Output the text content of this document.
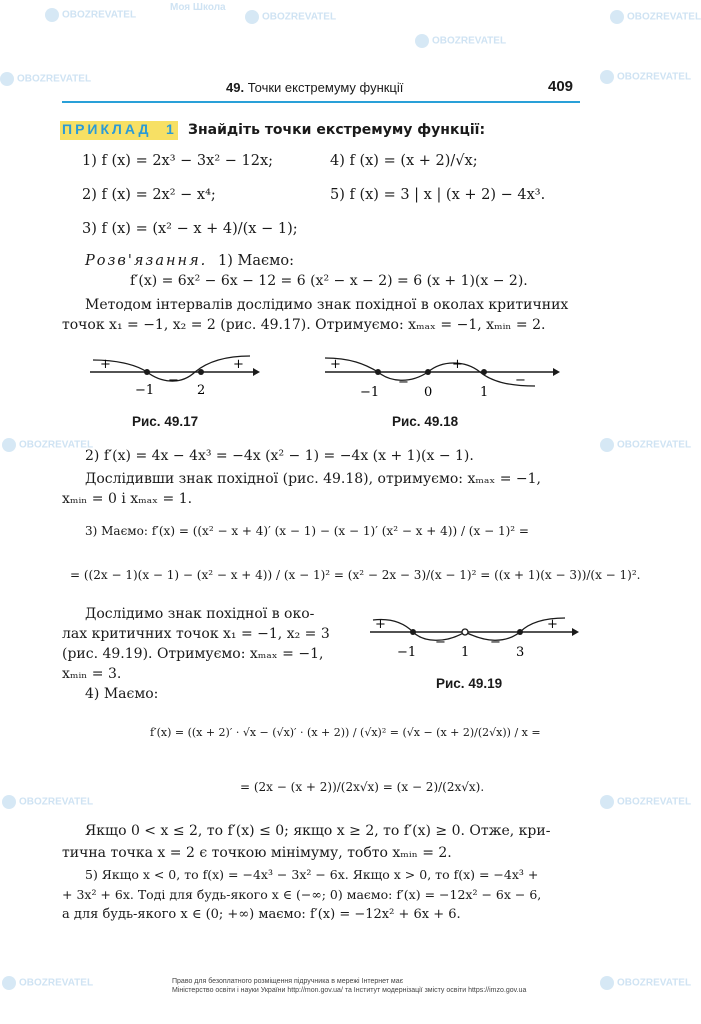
OBOZREVATEL
Моя Школа
OBOZREVATEL
OBOZREVATEL
OBOZREVATEL
OBOZREVATEL	OBOZREVATEL
OBOZREVATEL	OBOZREVATEL
OBOZREVATEL	OBOZREVATEL
OBOZREVATEL	OBOZREVATEL
49. Точки екстремуму функції	409
ПРИКЛАД 1 Знайдіть точки екстремуму функції:
1) f (x) = 2x³ − 3x² − 12x;	4) f (x) = (x + 2)/√x;
2) f (x) = 2x² − x⁴;	5) f (x) = 3 | x | (x + 2) − 4x³.
3) f (x) = (x² − x + 4)/(x − 1);
Розв'язання. 1) Маємо:
f′(x) = 6x² − 6x − 12 = 6 (x² − x − 2) = 6 (x + 1)(x − 2).
Методом інтервалів дослідимо знак похідної в околах критичних
точок x₁ = −1, x₂ = 2 (рис. 49.17). Отримуємо: xₘₐₓ = −1, xₘᵢₙ = 2.
+
−
+
−1	2
Рис. 49.17
+
−
+
−
−1	0	1
Рис. 49.18
2) f′(x) = 4x − 4x³ = −4x (x² − 1) = −4x (x + 1)(x − 1).
Дослідивши знак похідної (рис. 49.18), отримуємо: xₘₐₓ = −1,
xₘᵢₙ = 0 і xₘₐₓ = 1.
3) Маємо: f′(x) = ((x² − x + 4)′ (x − 1) − (x − 1)′ (x² − x + 4)) / (x − 1)² =
= ((2x − 1)(x − 1) − (x² − x + 4)) / (x − 1)² = (x² − 2x − 3)/(x − 1)² = ((x + 1)(x − 3))/(x − 1)².
Дослідимо знак похідної в око-
лах критичних точок x₁ = −1, x₂ = 3
(рис. 49.19). Отримуємо: xₘₐₓ = −1,
xₘᵢₙ = 3.
+
−	−
+
−1	1	3
Рис. 49.19
4) Маємо:
f′(x) = ((x + 2)′ · √x − (√x)′ · (x + 2)) / (√x)² = (√x − (x + 2)/(2√x)) / x =
= (2x − (x + 2))/(2x√x) = (x − 2)/(2x√x).
Якщо 0 < x ≤ 2, то f′(x) ≤ 0; якщо x ≥ 2, то f′(x) ≥ 0. Отже, кри-
тична точка x = 2 є точкою мінімуму, тобто xₘᵢₙ = 2.
5) Якщо x < 0, то f(x) = −4x³ − 3x² − 6x. Якщо x > 0, то f(x) = −4x³ +
+ 3x² + 6x. Тоді для будь-якого x ∈ (−∞; 0) маємо: f′(x) = −12x² − 6x − 6,
а для будь-якого x ∈ (0; +∞) маємо: f′(x) = −12x² + 6x + 6.
Право для безоплатного розміщення підручника в мережі Інтернет має
Міністерство освіти і науки України http://mon.gov.ua/ та Інститут модернізації змісту освіти https://imzo.gov.ua
